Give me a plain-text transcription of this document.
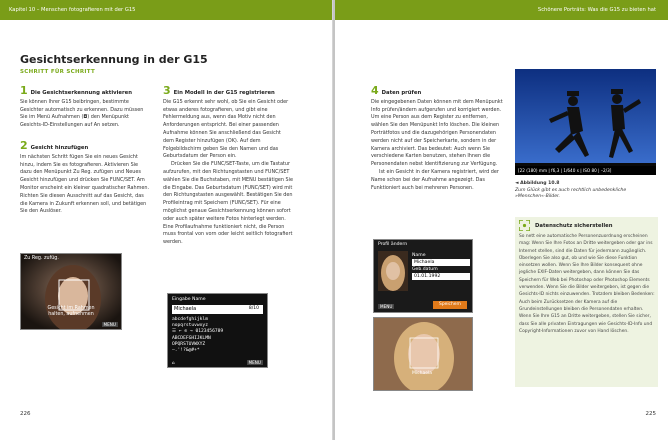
Kapitel 10 – Menschen fotografieren mit der G15
Gesichtserkennung in der G15
SCHRITT FÜR SCHRITT
1 Die Gesichtserkennung aktivieren

Sie können Ihrer G15 beibringen, bestimmte Gesichter automatisch zu erkennen. Dazu müssen Sie im Menü Aufnahmen (◘) den Menüpunkt Gesichts-ID-Einstellungen auf An setzen.

2 Gesicht hinzufügen

Im nächsten Schritt fügen Sie ein neues Gesicht hinzu, indem Sie es fotografieren. Aktivieren Sie dazu den Menüpunkt Zu Reg. zufügen und Neues Gesicht hinzufügen und drücken Sie FUNC/SET. Am Monitor erscheint ein kleiner quadratischer Rahmen. Richten Sie diesen Ausschnitt auf das Gesicht, das die Kamera in Zukunft erkennen soll, und betätigen Sie den Auslöser.

Zu Reg. zufüg.
Gesicht im Rahmen
halten, aufnehmen
MENU
3 Ein Modell in der G15 registrieren

Die G15 erkennt sehr wohl, ob Sie ein Gesicht oder etwas anderes fotografieren, und gibt eine Fehlermeldung aus, wenn das Motiv nicht den Anforderungen entspricht. Bei einer passenden Aufnahme können Sie anschließend das Gesicht dem Register hinzufügen (OK). Auf dem Folgebildschirm geben Sie den Namen und das Geburtsdatum der Person ein.

Drücken Sie die FUNC/SET-Taste, um die Tastatur aufzurufen, mit den Richtungstasten und FUNC/SET wählen Sie die Buchstaben, mit MENU bestätigen Sie die Eingabe. Das Geburtsdatum (FUNC/SET) wird mit den Richtungstasten ausgewählt. Bestätigen Sie den Profileintrag mit Speichern (FUNC/SET). Für eine möglichst genaue Gesichtserkennung können sofort oder auch später weitere Fotos hinterlegt werden. Eine Profilaufnahme funktioniert nicht, die Person muss frontal von vorn oder leicht seitlich fotografiert werden.

Eingabe Name
Michaela	8/10
abcdefghijklm
nopqrstuvwxyz
☰ ← ⊙ → 0123456789
ABCDEFGHIJKLMN
OPQRSTUVWXYZ
–.'!?&@#+*
⌂	MENU
226
Schönere Porträts: Was die G15 zu bieten hat
4 Daten prüfen

Die eingegebenen Daten können mit dem Menüpunkt Info prüfen/ändern aufgerufen und korrigiert werden. Um eine Person aus dem Register zu entfernen, wählen Sie den Menüpunkt Info löschen. Die kleinen Porträtfotos und die dazugehörigen Personendaten werden nicht auf der Speicherkarte, sondern in der Kamera archiviert. Das bedeutet: Auch wenn Sie verschiedene Karten benutzen, stehen Ihnen die Personendaten nebst Identifizierung zur Verfügung.

Ist ein Gesicht in der Kamera registriert, wird der Name schon bei der Aufnahme angezeigt. Das Funktioniert auch bei mehreren Personen.

Profil ändern
Name
Michaela
Geb.datum
01.01.1992
MENU	Speichern
Michaela
[22 (180) mm | f6,3 | 1/640 s | ISO 80 | –2/3]
◄ Abbildung 10.8
Zum Glück gibt es auch rechtlich unbedenkliche »Menschen«-Bilder.
Datenschutz sicherstellen
So nett eine automatische Personenzuordnung erscheinen mag: Wenn Sie Ihre Fotos an Dritte weitergeben oder gar ins Internet stellen, sind die Daten für jedermann zugänglich. Überlegen Sie also gut, ob und wie Sie diese Funktion einsetzen wollen. Wenn Sie Ihre Bilder konsequent ohne jegliche EXIF-Daten weitergeben, dann können Sie das Speichern für Web bei Photoshop oder Photoshop Elements verwenden. Wenn Sie die Bilder weitergeben, ist gegen die Gesichts-ID nichts einzuwenden. Trotzdem bleiben Bedenken: Auch beim Zurücksetzen der Kamera auf die Grundeinstellungen bleiben die Personendaten erhalten. Wenn Sie Ihre G15 an Dritte weitergeben, stellen Sie sicher, dass Sie alle privaten Eintragungen wie Gesichts-ID-Info und Copyright-Informationen zuvor von Hand löschen.
225
